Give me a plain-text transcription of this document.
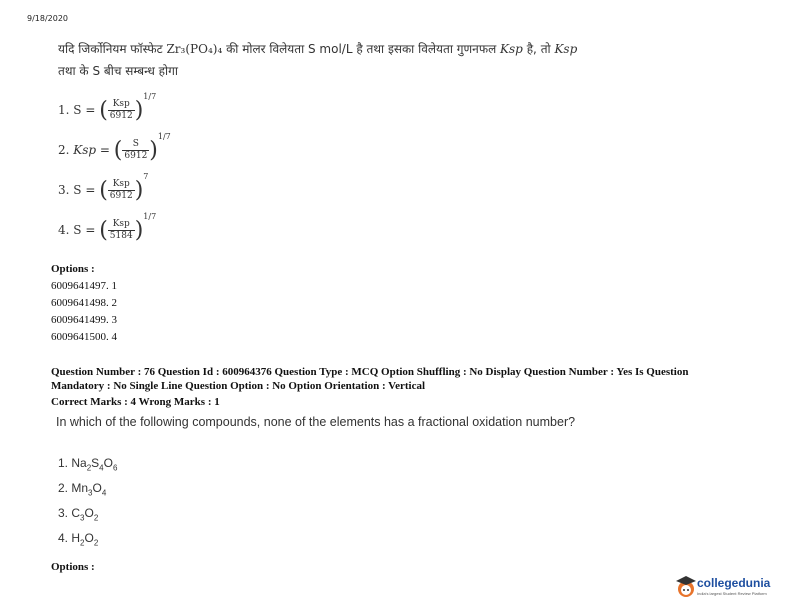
9/18/2020
यदि जिर्कोनियम फॉस्फेट Zr₃(PO₄)₄ की मोलर विलेयता S mol/L है तथा इसका विलेयता गुणनफल Ksp है, तो Ksp
तथा के S बीच सम्बन्ध होगा
1. S = ( $\frac{\text{Ksp}}{6912} )^{1/7}$
2. Ksp = ( $\frac{S}{6912} )^{1/7}$
3. S = ( $\frac{\text{Ksp}}{6912} )^7$
4. S = ( $\frac{\text{Ksp}}{5184} )^{1/7}$
Options :
6009641497. 1
6009641498. 2
6009641499. 3
6009641500. 4
Question Number : 76 Question Id : 600964376 Question Type : MCQ Option Shuffling : No Display Question Number : Yes Is Question
Mandatory : No Single Line Question Option : No Option Orientation : Vertical
Correct Marks : 4 Wrong Marks : 1
In which of the following compounds, none of the elements has a fractional oxidation number?
1. $Na_2S_4O_6$
2. $Mn_3O_4$
3. $C_3O_2$
4. $H_2O_2$
Options :
collegedunia
India's largest Student Review Platform
